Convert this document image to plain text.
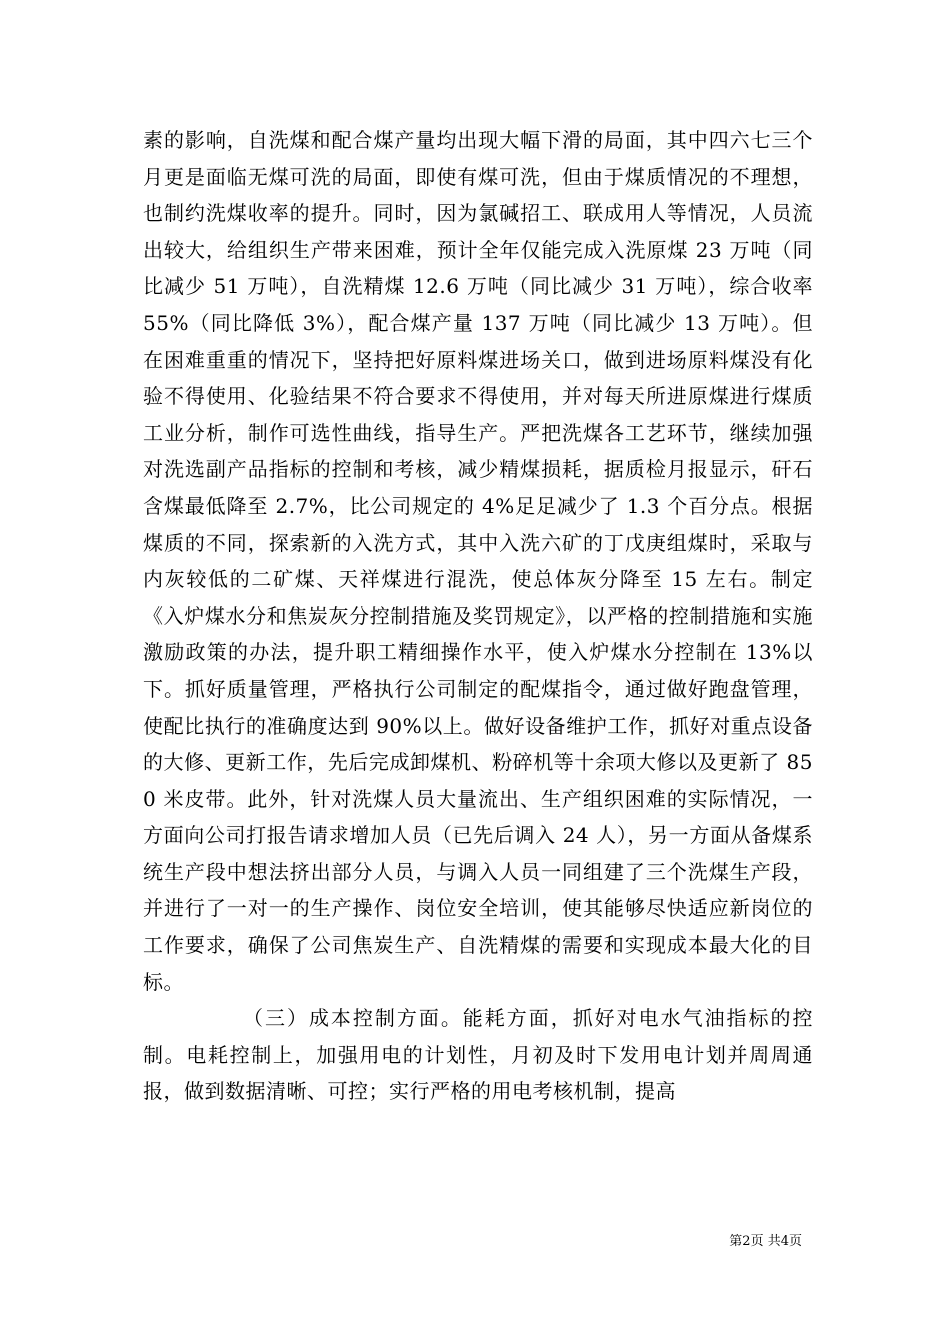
素的影响，自洗煤和配合煤产量均出现大幅下滑的局面，其中四六七三个月更是面临无煤可洗的局面，即使有煤可洗，但由于煤质情况的不理想，也制约洗煤收率的提升。同时，因为氯碱招工、联成用人等情况，人员流出较大，给组织生产带来困难，预计全年仅能完成入洗原煤 23 万吨（同比减少 51 万吨），自洗精煤 12.6 万吨（同比减少 31 万吨），综合收率 55%（同比降低 3%），配合煤产量 137 万吨（同比减少 13 万吨）。但在困难重重的情况下，坚持把好原料煤进场关口，做到进场原料煤没有化验不得使用、化验结果不符合要求不得使用，并对每天所进原煤进行煤质工业分析，制作可选性曲线，指导生产。严把洗煤各工艺环节，继续加强对洗选副产品指标的控制和考核，减少精煤损耗，据质检月报显示，矸石含煤最低降至 2.7%，比公司规定的 4%足足减少了 1.3 个百分点。根据煤质的不同，探索新的入洗方式，其中入洗六矿的丁戊庚组煤时，采取与内灰较低的二矿煤、天祥煤进行混洗，使总体灰分降至 15 左右。制定《入炉煤水分和焦炭灰分控制措施及奖罚规定》，以严格的控制措施和实施激励政策的办法，提升职工精细操作水平，使入炉煤水分控制在 13%以下。抓好质量管理，严格执行公司制定的配煤指令，通过做好跑盘管理，使配比执行的准确度达到 90%以上。做好设备维护工作，抓好对重点设备的大修、更新工作，先后完成卸煤机、粉碎机等十余项大修以及更新了 850 米皮带。此外，针对洗煤人员大量流出、生产组织困难的实际情况，一方面向公司打报告请求增加人员（已先后调入 24 人），另一方面从备煤系统生产段中想法挤出部分人员，与调入人员一同组建了三个洗煤生产段，并进行了一对一的生产操作、岗位安全培训，使其能够尽快适应新岗位的工作要求，确保了公司焦炭生产、自洗精煤的需要和实现成本最大化的目标。

（三）成本控制方面。能耗方面，抓好对电水气油指标的控制。电耗控制上，加强用电的计划性，月初及时下发用电计划并周周通报，做到数据清晰、可控；实行严格的用电考核机制，提高

第2页 共4页
